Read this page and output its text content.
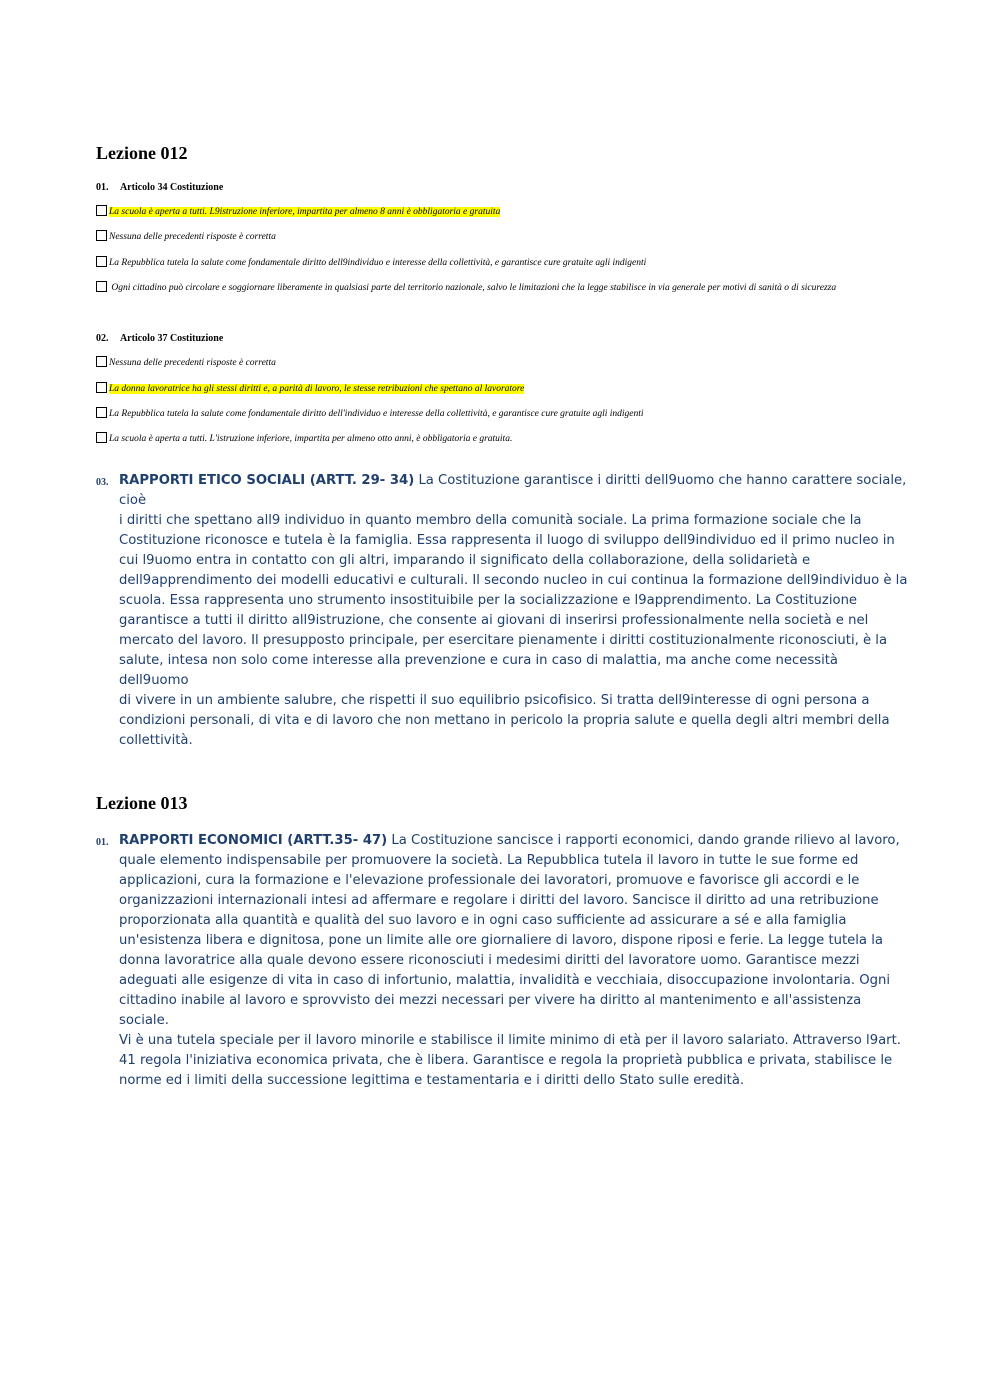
Lezione 012
01. Articolo 34 Costituzione
La scuola è aperta a tutti. L9istruzione inferiore, impartita per almeno 8 anni è obbligatoria e gratuita
Nessuna delle precedenti risposte è corretta
La Repubblica tutela la salute come fondamentale diritto dell9individuo e interesse della collettività, e garantisce cure gratuite agli indigenti
Ogni cittadino può circolare e soggiornare liberamente in qualsiasi parte del territorio nazionale, salvo le limitazioni che la legge stabilisce in via generale per motivi di sanità o di sicurezza
02. Articolo 37 Costituzione
Nessuna delle precedenti risposte è corretta
La donna lavoratrice ha gli stessi diritti e, a parità di lavoro, le stesse retribuzioni che spettano al lavoratore
La Repubblica tutela la salute come fondamentale diritto dell'individuo e interesse della collettività, e garantisce cure gratuite agli indigenti
La scuola è aperta a tutti. L'istruzione inferiore, impartita per almeno otto anni, è obbligatoria e gratuita.
03. RAPPORTI ETICO SOCIALI (ARTT. 29- 34) La Costituzione garantisce i diritti dell9uomo che hanno carattere sociale, cioè
i diritti che spettano all9 individuo in quanto membro della comunità sociale. La prima formazione sociale che la
Costituzione riconosce e tutela è la famiglia. Essa rappresenta il luogo di sviluppo dell9individuo ed il primo nucleo in
cui l9uomo entra in contatto con gli altri, imparando il significato della collaborazione, della solidarietà e
dell9apprendimento dei modelli educativi e culturali. Il secondo nucleo in cui continua la formazione dell9individuo è la
scuola. Essa rappresenta uno strumento insostituibile per la socializzazione e l9apprendimento. La Costituzione
garantisce a tutti il diritto all9istruzione, che consente ai giovani di inserirsi professionalmente nella società e nel
mercato del lavoro. Il presupposto principale, per esercitare pienamente i diritti costituzionalmente riconosciuti, è la
salute, intesa non solo come interesse alla prevenzione e cura in caso di malattia, ma anche come necessità dell9uomo
di vivere in un ambiente salubre, che rispetti il suo equilibrio psicofisico. Si tratta dell9interesse di ogni persona a
condizioni personali, di vita e di lavoro che non mettano in pericolo la propria salute e quella degli altri membri della
collettività.
Lezione 013
01. RAPPORTI ECONOMICI (ARTT.35- 47) La Costituzione sancisce i rapporti economici, dando grande rilievo al lavoro,
quale elemento indispensabile per promuovere la società. La Repubblica tutela il lavoro in tutte le sue forme ed
applicazioni, cura la formazione e l'elevazione professionale dei lavoratori, promuove e favorisce gli accordi e le
organizzazioni internazionali intesi ad affermare e regolare i diritti del lavoro. Sancisce il diritto ad una retribuzione
proporzionata alla quantità e qualità del suo lavoro e in ogni caso sufficiente ad assicurare a sé e alla famiglia
un'esistenza libera e dignitosa, pone un limite alle ore giornaliere di lavoro, dispone riposi e ferie. La legge tutela la
donna lavoratrice alla quale devono essere riconosciuti i medesimi diritti del lavoratore uomo. Garantisce mezzi
adeguati alle esigenze di vita in caso di infortunio, malattia, invalidità e vecchiaia, disoccupazione involontaria. Ogni
cittadino inabile al lavoro e sprovvisto dei mezzi necessari per vivere ha diritto al mantenimento e all'assistenza sociale.
Vi è una tutela speciale per il lavoro minorile e stabilisce il limite minimo di età per il lavoro salariato. Attraverso l9art.
41 regola l'iniziativa economica privata, che è libera. Garantisce e regola la proprietà pubblica e privata, stabilisce le
norme ed i limiti della successione legittima e testamentaria e i diritti dello Stato sulle eredità.
